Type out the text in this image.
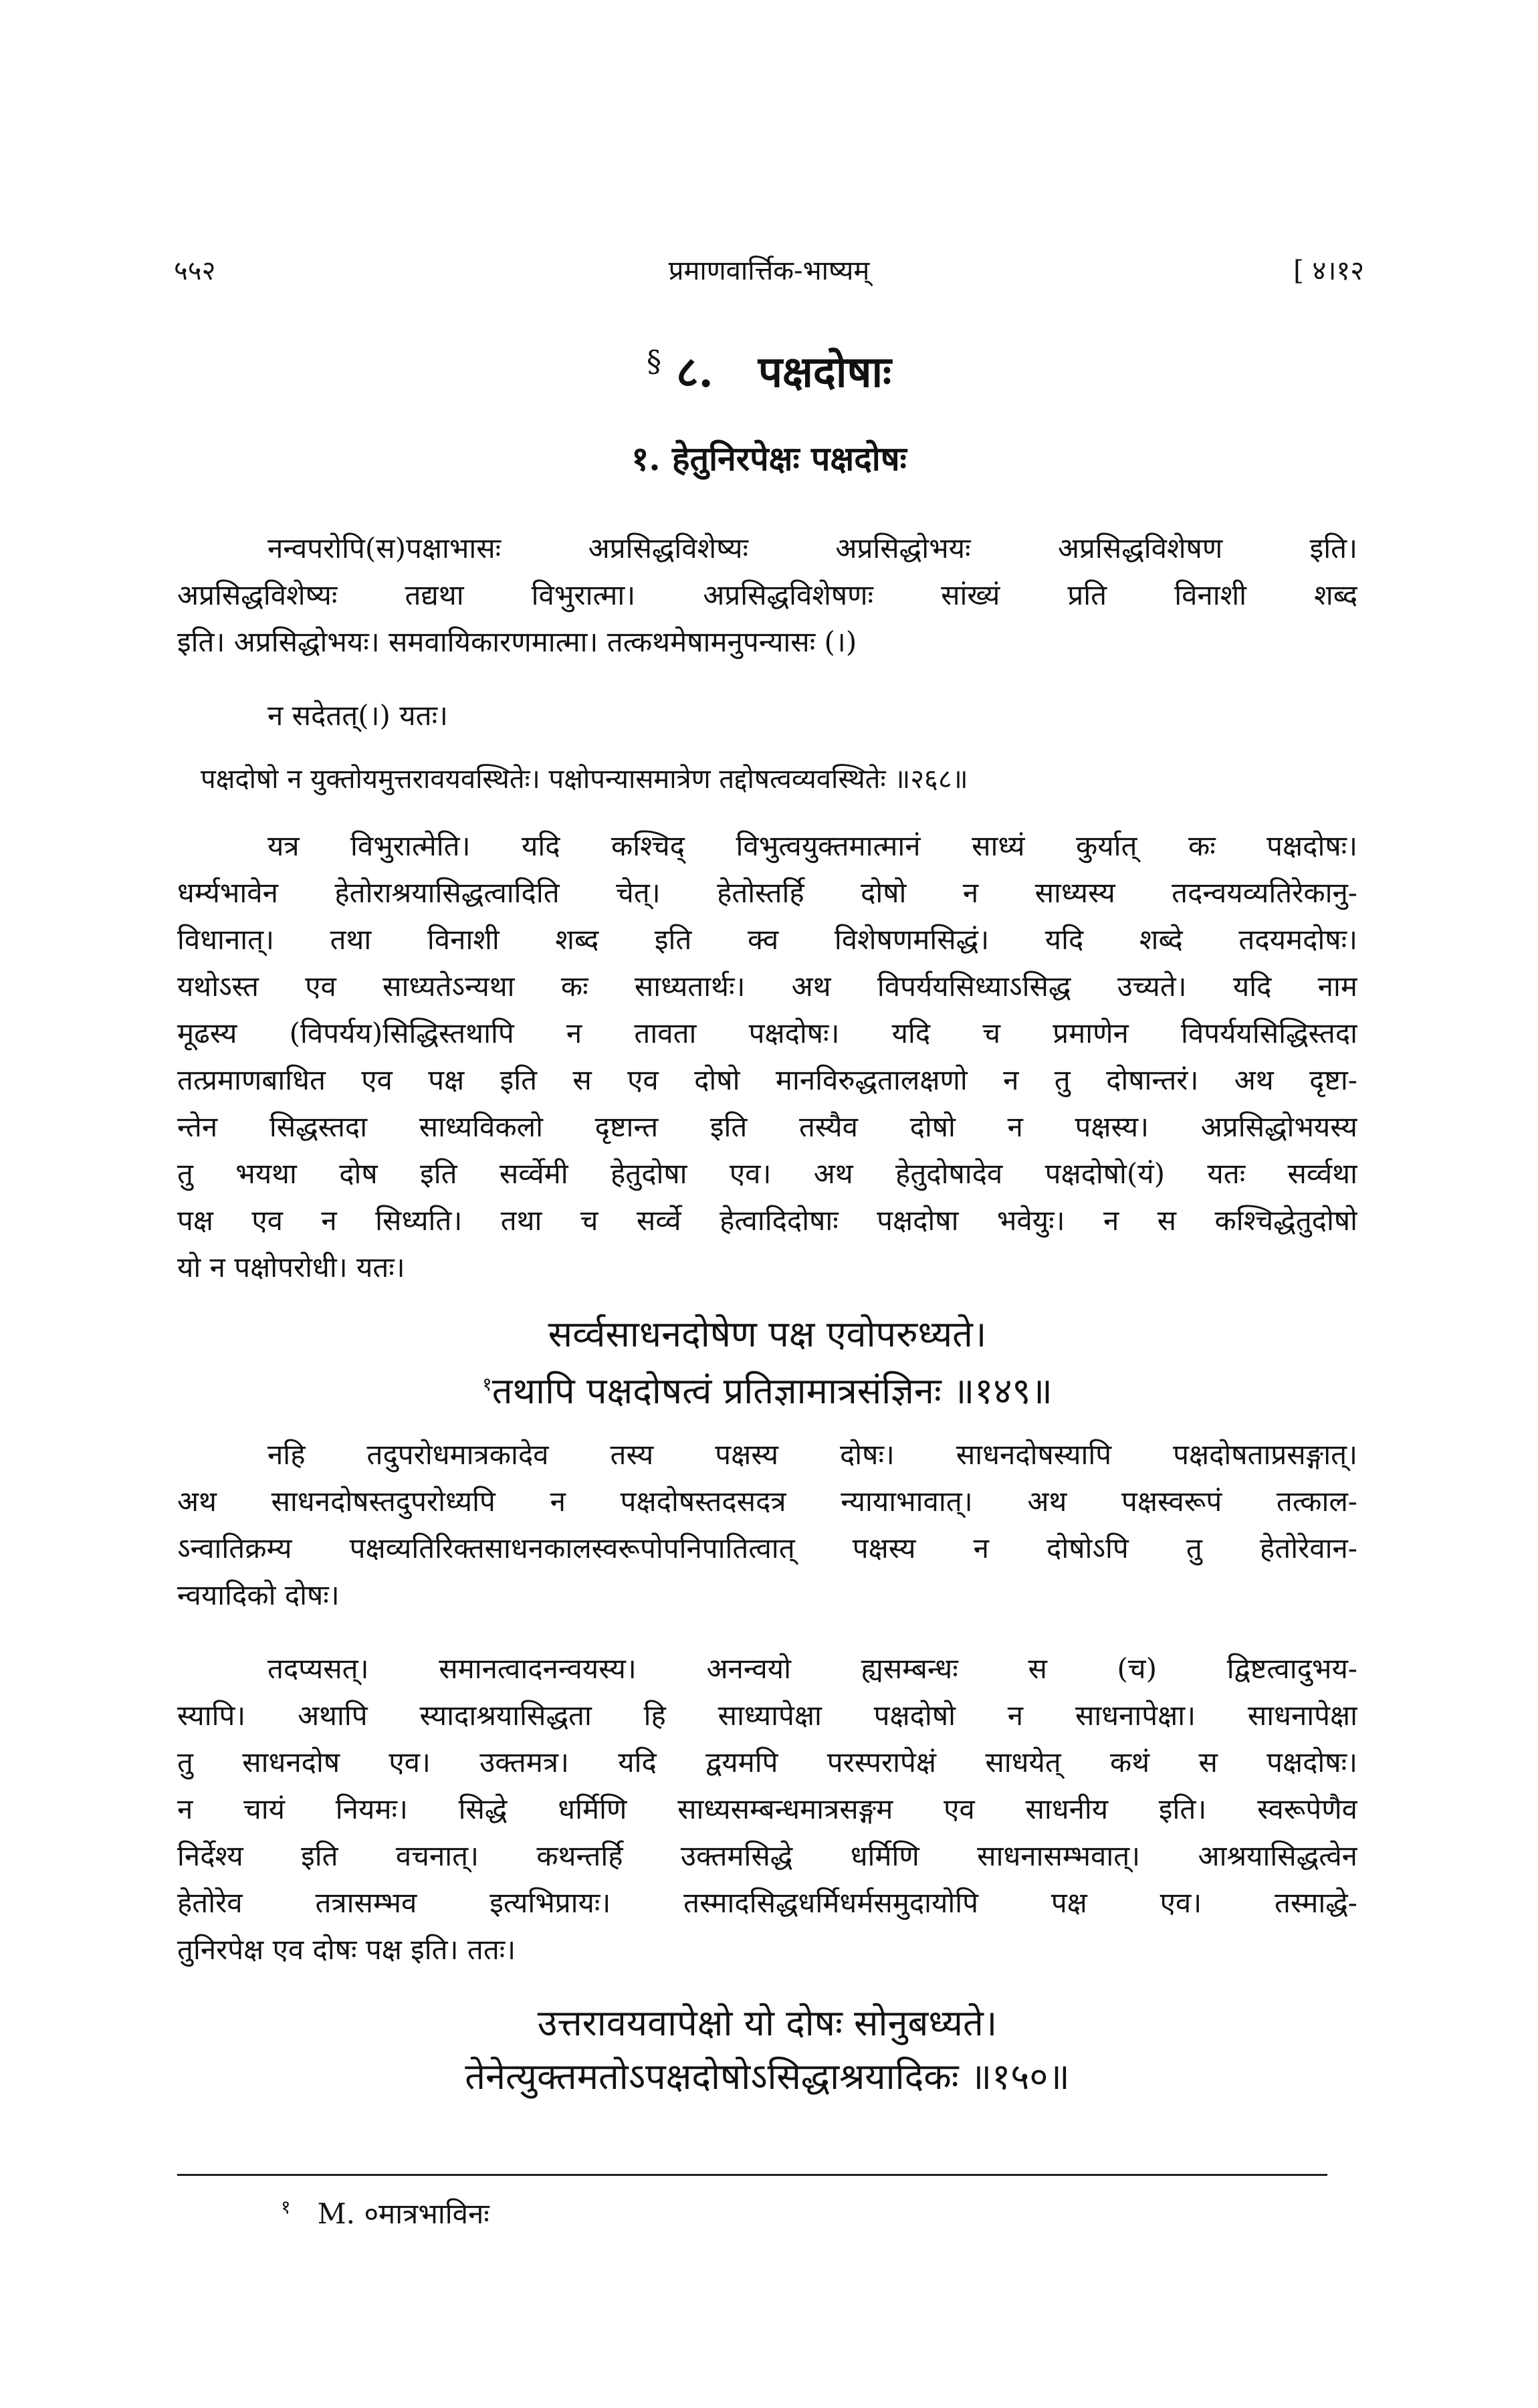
५५२	प्रमाणवार्त्तिक-भाष्यम्	[ ४।१२
§ ८. पक्षदोषाः
१. हेतुनिरपेक्षः पक्षदोषः
नन्वपरोपि(स)पक्षाभासः अप्रसिद्धविशेष्यः अप्रसिद्धोभयः अप्रसिद्धविशेषण इति।
अप्रसिद्धविशेष्यः तद्यथा विभुरात्मा। अप्रसिद्धविशेषणः सांख्यं प्रति विनाशी शब्द
इति। अप्रसिद्धोभयः। समवायिकारणमात्मा। तत्कथमेषामनुपन्यासः (।)
न सदेतत्(।) यतः।
पक्षदोषो न युक्तोयमुत्तरावयवस्थितेः। पक्षोपन्यासमात्रेण तद्दोषत्वव्यवस्थितेः ॥२६८॥
यत्र विभुरात्मेति। यदि कश्चिद् विभुत्वयुक्तमात्मानं साध्यं कुर्यात् कः पक्षदोषः।
धर्म्यभावेन हेतोराश्रयासिद्धत्वादिति चेत्। हेतोस्तर्हि दोषो न साध्यस्य तदन्वयव्यतिरेकानु-
विधानात्। तथा विनाशी शब्द इति क्व विशेषणमसिद्धं। यदि शब्दे तदयमदोषः।
यथोऽस्त एव साध्यतेऽन्यथा कः साध्यतार्थः। अथ विपर्ययसिध्याऽसिद्ध उच्यते। यदि नाम
मूढस्य (विपर्यय)सिद्धिस्तथापि न तावता पक्षदोषः। यदि च प्रमाणेन विपर्ययसिद्धिस्तदा
तत्प्रमाणबाधित एव पक्ष इति स एव दोषो मानविरुद्धतालक्षणो न तु दोषान्तरं। अथ दृष्टा-
न्तेन सिद्धस्तदा साध्यविकलो दृष्टान्त इति तस्यैव दोषो न पक्षस्य। अप्रसिद्धोभयस्य
तु भयथा दोष इति सर्व्वेमी हेतुदोषा एव। अथ हेतुदोषादेव पक्षदोषो(यं) यतः सर्व्वथा
पक्ष एव न सिध्यति। तथा च सर्व्वे हेत्वादिदोषाः पक्षदोषा भवेयुः। न स कश्चिद्धेतुदोषो
यो न पक्षोपरोधी। यतः।
सर्व्वसाधनदोषेण पक्ष एवोपरुध्यते।
$^१$तथापि पक्षदोषत्वं प्रतिज्ञामात्रसंज्ञिनः ॥१४९॥
नहि तदुपरोधमात्रकादेव तस्य पक्षस्य दोषः। साधनदोषस्यापि पक्षदोषताप्रसङ्गात्।
अथ साधनदोषस्तदुपरोध्यपि न पक्षदोषस्तदसदत्र न्यायाभावात्। अथ पक्षस्वरूपं तत्काल-
ऽन्वातिक्रम्य पक्षव्यतिरिक्तसाधनकालस्वरूपोपनिपातित्वात् पक्षस्य न दोषोऽपि तु हेतोरेवान-
न्वयादिको दोषः।
तदप्यसत्। समानत्वादनन्वयस्य। अनन्वयो ह्यसम्बन्धः स (च) द्विष्टत्वादुभय-
स्यापि। अथापि स्यादाश्रयासिद्धता हि साध्यापेक्षा पक्षदोषो न साधनापेक्षा। साधनापेक्षा
तु साधनदोष एव। उक्तमत्र। यदि द्वयमपि परस्परापेक्षं साधयेत् कथं स पक्षदोषः।
न चायं नियमः। सिद्धे धर्मिणि साध्यसम्बन्धमात्रसङ्गम एव साधनीय इति। स्वरूपेणैव
निर्देश्य इति वचनात्। कथन्तर्हि उक्तमसिद्धे धर्मिणि साधनासम्भवात्। आश्रयासिद्धत्वेन
हेतोरेव तत्रासम्भव इत्यभिप्रायः। तस्मादसिद्धधर्मिधर्मसमुदायोपि पक्ष एव। तस्माद्धे-
तुनिरपेक्ष एव दोषः पक्ष इति। ततः।
उत्तरावयवापेक्षो यो दोषः सोनुबध्यते।
तेनेत्युक्तमतोऽपक्षदोषोऽसिद्धाश्रयादिकः ॥१५०॥
$^१$ M. ०मात्रभाविनः
